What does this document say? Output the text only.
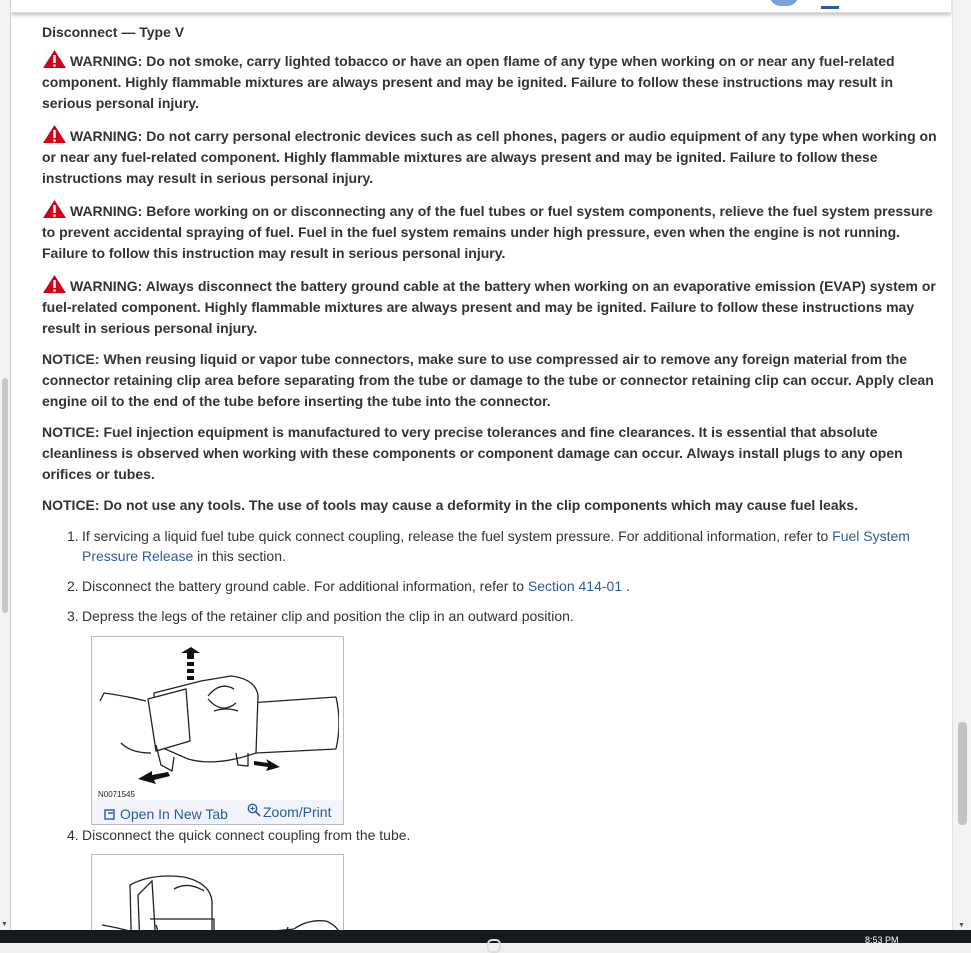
▼
Disconnect — Type V
WARNING: Do not smoke, carry lighted tobacco or have an open flame of any type when working on or near any fuel-related component. Highly flammable mixtures are always present and may be ignited. Failure to follow these instructions may result in serious personal injury.
WARNING: Do not carry personal electronic devices such as cell phones, pagers or audio equipment of any type when working on or near any fuel-related component. Highly flammable mixtures are always present and may be ignited. Failure to follow these instructions may result in serious personal injury.
WARNING: Before working on or disconnecting any of the fuel tubes or fuel system components, relieve the fuel system pressure to prevent accidental spraying of fuel. Fuel in the fuel system remains under high pressure, even when the engine is not running. Failure to follow this instruction may result in serious personal injury.
WARNING: Always disconnect the battery ground cable at the battery when working on an evaporative emission (EVAP) system or fuel-related component. Highly flammable mixtures are always present and may be ignited. Failure to follow these instructions may result in serious personal injury.
NOTICE: When reusing liquid or vapor tube connectors, make sure to use compressed air to remove any foreign material from the connector retaining clip area before separating from the tube or damage to the tube or connector retaining clip can occur. Apply clean engine oil to the end of the tube before inserting the tube into the connector.
NOTICE: Fuel injection equipment is manufactured to very precise tolerances and fine clearances. It is essential that absolute cleanliness is observed when working with these components or component damage can occur. Always install plugs to any open orifices or tubes.
NOTICE: Do not use any tools. The use of tools may cause a deformity in the clip components which may cause fuel leaks.
1. If servicing a liquid fuel tube quick connect coupling, release the fuel system pressure. For additional information, refer to Fuel System Pressure Release in this section.
2. Disconnect the battery ground cable. For additional information, refer to Section 414-01 .
3. Depress the legs of the retainer clip and position the clip in an outward position.
N0071545
Open In New Tab	Zoom/Print
4. Disconnect the quick connect coupling from the tube.
▼
8:53 PM
